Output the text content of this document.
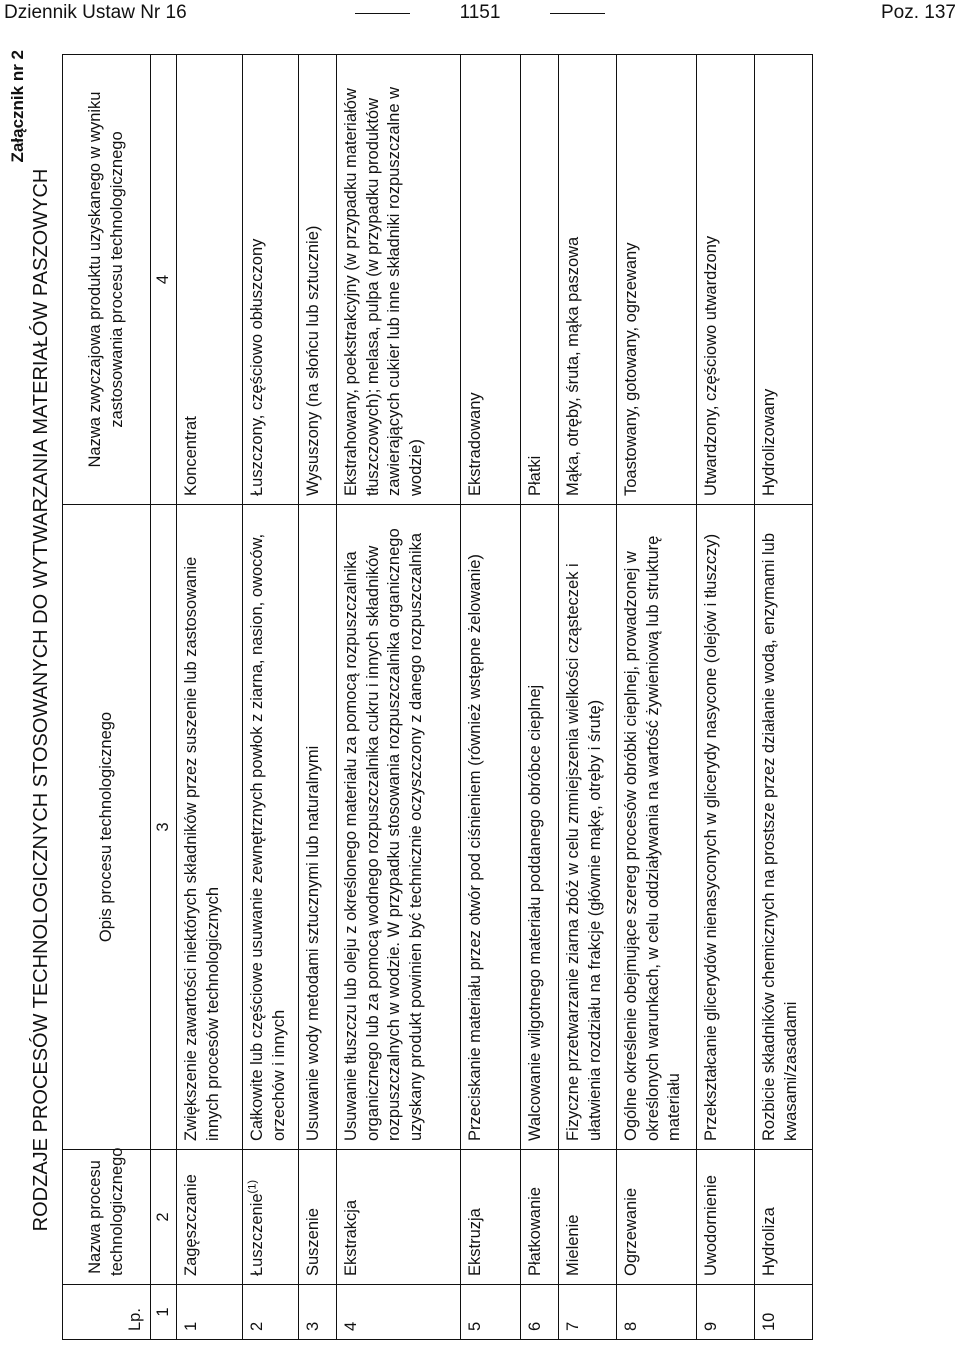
Dziennik Ustaw Nr 16	1151	Poz. 137
Załącznik nr 2
RODZAJE PROCESÓW TECHNOLOGICZNYCH STOSOWANYCH DO WYTWARZANIA MATERIAŁÓW PASZOWYCH
Lp.	Nazwa procesu technologicznego	Opis procesu technologicznego	Nazwa zwyczajowa produktu uzyskanego w wyniku zastosowania procesu technologicznego
1	2	3	4
1	Zagęszczanie	Zwiększenie zawartości niektórych składników przez suszenie lub zastosowanie innych procesów technologicznych	Koncentrat
2	Łuszczenie$^{(1)}$	Całkowite lub częściowe usuwanie zewnętrznych powłok z ziarna, nasion, owoców, orzechów i innych	Łuszczony, częściowo obłuszczony
3	Suszenie	Usuwanie wody metodami sztucznymi lub naturalnymi	Wysuszony (na słońcu lub sztucznie)
4	Ekstrakcja	Usuwanie tłuszczu lub oleju z określonego materiału za pomocą rozpuszczalnika organicznego lub za pomocą wodnego rozpuszczalnika cukru i innych składników rozpuszczalnych w wodzie. W przypadku stosowania rozpuszczalnika organicznego uzyskany produkt powinien być technicznie oczyszczony z danego rozpuszczalnika	Ekstrahowany, poekstrakcyjny (w przypadku materiałów tłuszczowych); melasa, pulpa (w przypadku produktów zawierających cukier lub inne składniki rozpuszczalne w wodzie)
5	Ekstruzja	Przeciskanie materiału przez otwór pod ciśnieniem (również wstępne żelowanie)	Ekstradowany
6	Płatkowanie	Walcowanie wilgotnego materiału poddanego obróbce cieplnej	Płatki
7	Mielenie	Fizyczne przetwarzanie ziarna zbóż w celu zmniejszenia wielkości cząsteczek i ułatwienia rozdziału na frakcje (głównie mąkę, otręby i śrutę)	Mąka, otręby, śruta, mąka paszowa
8	Ogrzewanie	Ogólne określenie obejmujące szereg procesów obróbki cieplnej, prowadzonej w określonych warunkach, w celu oddziaływania na wartość żywieniową lub strukturę materiału	Toastowany, gotowany, ogrzewany
9	Uwodornienie	Przekształcanie glicerydów nienasyconych w glicerydy nasycone (olejów i tłuszczy)	Utwardzony, częściowo utwardzony
10	Hydroliza	Rozbicie składników chemicznych na prostsze przez działanie wodą, enzymami lub kwasami/zasadami	Hydrolizowany
